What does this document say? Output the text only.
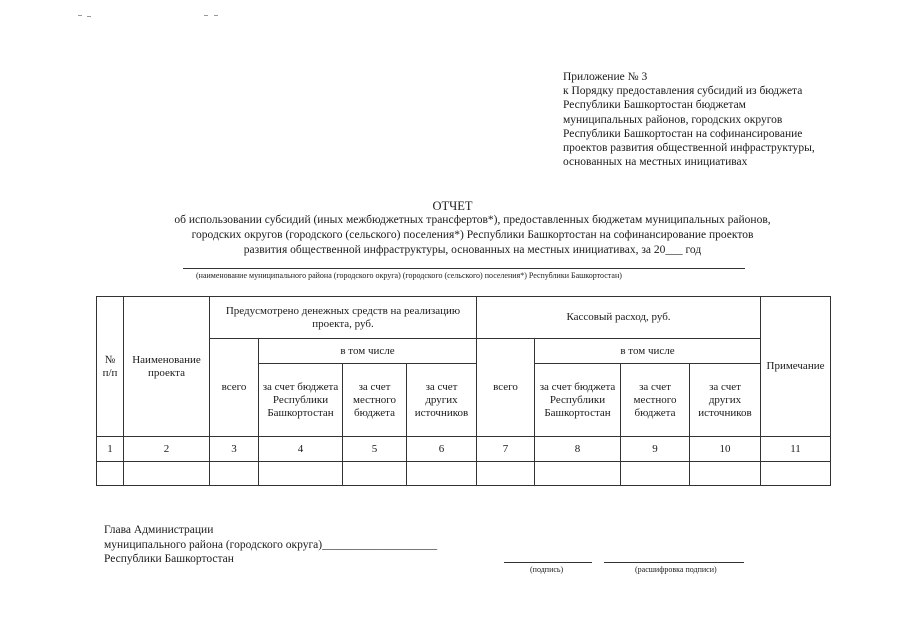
Приложение № 3
к Порядку предоставления субсидий из бюджета
Республики Башкортостан бюджетам
муниципальных районов, городских округов
Республики Башкортостан на софинансирование
проектов развития общественной инфраструктуры,
основанных на местных инициативах
ОТЧЕТ
об использовании субсидий (иных межбюджетных трансфертов*), предоставленных бюджетам муниципальных районов,
городских округов (городского (сельского) поселения*) Республики Башкортостан на софинансирование проектов
развития общественной инфраструктуры, основанных на местных инициативах, за 20___ год
(наименование муниципального района (городского округа) (городского (сельского) поселения*) Республики Башкортостан)
№ п/п	Наименование проекта	Предусмотрено денежных средств на реализацию проекта, руб.				Кассовый расход, руб.				Примечание
		всего	в том числе			всего	в том числе			
			за счет бюджета Республики Башкортостан	за счет местного бюджета	за счет других источников		за счет бюджета Республики Башкортостан	за счет местного бюджета	за счет других источников	
1	2	3	4	5	6	7	8	9	10	11

Глава Администрации
муниципального района (городского округа)____________________
Республики Башкортостан
(подпись)	(расшифровка подписи)
